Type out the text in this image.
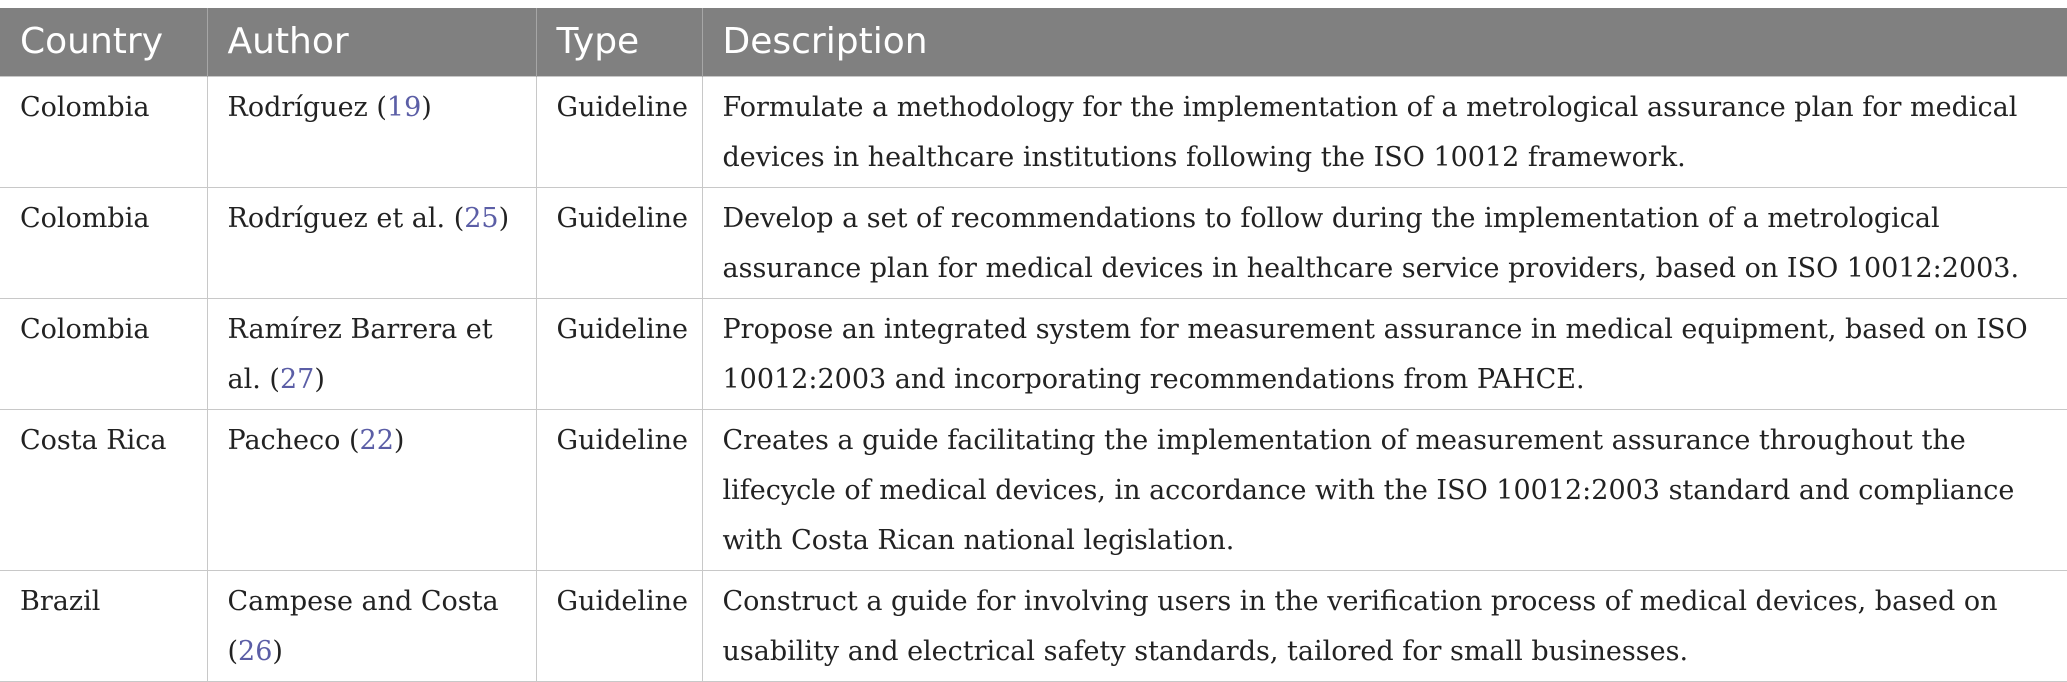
Country	Author	Type	Description
Colombia	Rodríguez (19)	Guideline	Formulate a methodology for the implementation of a metrological assurance plan for medical devices in healthcare institutions following the ISO 10012 framework.
Colombia	Rodríguez et al. (25)	Guideline	Develop a set of recommendations to follow during the implementation of a metrological assurance plan for medical devices in healthcare service providers, based on ISO 10012:2003.
Colombia	Ramírez Barrera et al. (27)	Guideline	Propose an integrated system for measurement assurance in medical equipment, based on ISO 10012:2003 and incorporating recommendations from PAHCE.
Costa Rica	Pacheco (22)	Guideline	Creates a guide facilitating the implementation of measurement assurance throughout the lifecycle of medical devices, in accordance with the ISO 10012:2003 standard and compliance with Costa Rican national legislation.
Brazil	Campese and Costa (26)	Guideline	Construct a guide for involving users in the verification process of medical devices, based on usability and electrical safety standards, tailored for small businesses.
